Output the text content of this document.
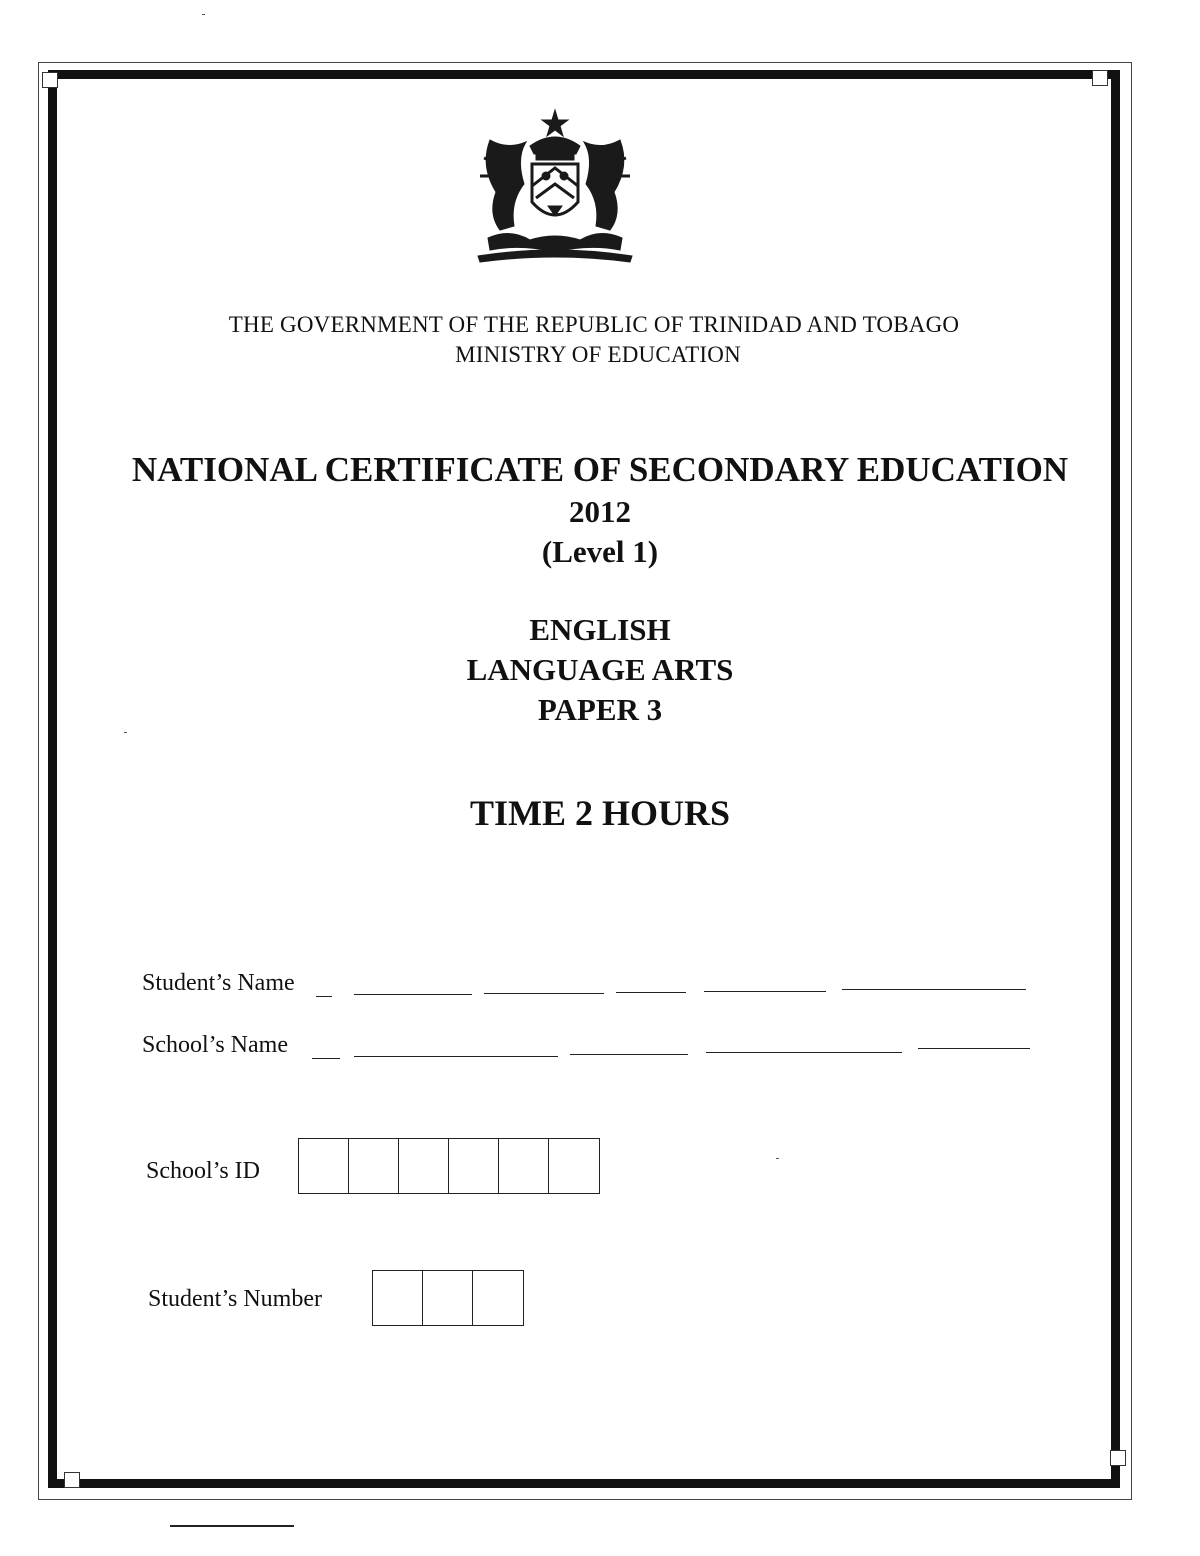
THE GOVERNMENT OF THE REPUBLIC OF TRINIDAD AND TOBAGO
MINISTRY OF EDUCATION
NATIONAL CERTIFICATE OF SECONDARY EDUCATION
2012
(Level 1)
ENGLISH
LANGUAGE ARTS
PAPER 3
TIME 2 HOURS
Student’s Name
School’s Name
School’s ID
Student’s Number
